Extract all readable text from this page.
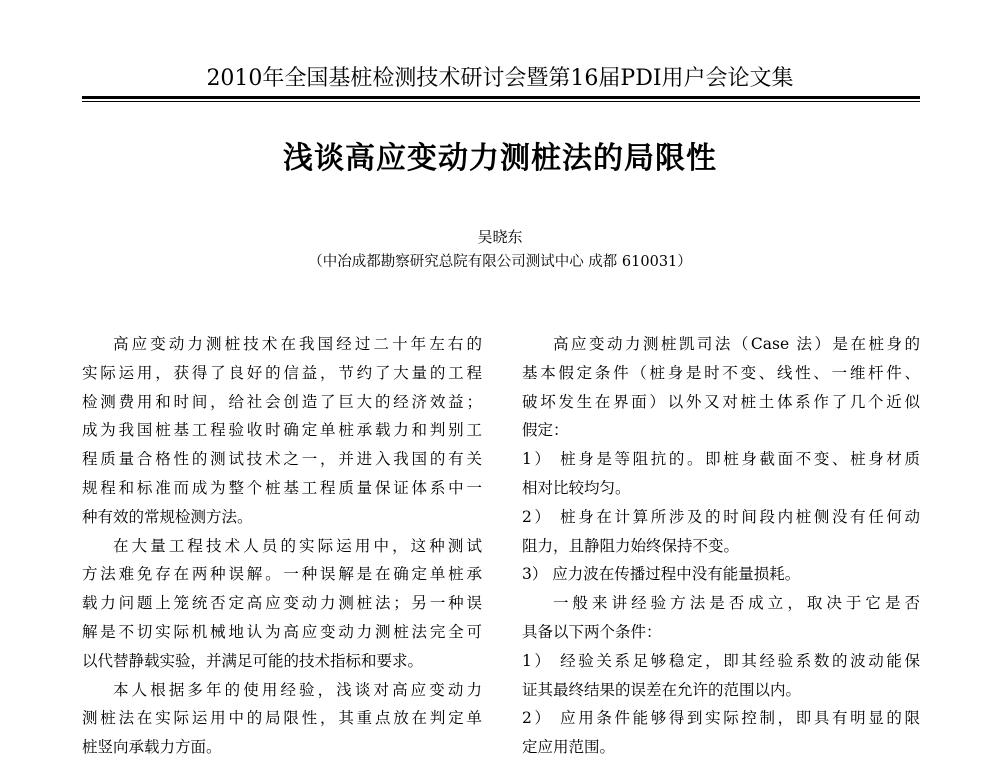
2010年全国基桩检测技术研讨会暨第16届PDI用户会论文集
浅谈高应变动力测桩法的局限性
吴晓东
（中冶成都勘察研究总院有限公司测试中心 成都 610031）

高应变动力测桩技术在我国经过二十年左右的
实际运用，获得了良好的信益，节约了大量的工程
检测费用和时间，给社会创造了巨大的经济效益；
成为我国桩基工程验收时确定单桩承载力和判别工
程质量合格性的测试技术之一，并进入我国的有关
规程和标准而成为整个桩基工程质量保证体系中一
种有效的常规检测方法。

在大量工程技术人员的实际运用中，这种测试
方法难免存在两种误解。一种误解是在确定单桩承
载力问题上笼统否定高应变动力测桩法；另一种误
解是不切实际机械地认为高应变动力测桩法完全可
以代替静载实验，并满足可能的技术指标和要求。

本人根据多年的使用经验，浅谈对高应变动力
测桩法在实际运用中的局限性，其重点放在判定单
桩竖向承载力方面。

高应变动力测桩凯司法（Case 法）是在桩身的
基本假定条件（桩身是时不变、线性、一维杆件、
破坏发生在界面）以外又对桩土体系作了几个近似
假定：

1） 桩身是等阻抗的。即桩身截面不变、桩身材质
相对比较均匀。

2） 桩身在计算所涉及的时间段内桩侧没有任何动
阻力，且静阻力始终保持不变。

3） 应力波在传播过程中没有能量损耗。

一般来讲经验方法是否成立，取决于它是否
具备以下两个条件：

1） 经验关系足够稳定，即其经验系数的波动能保
证其最终结果的误差在允许的范围以内。

2） 应用条件能够得到实际控制，即具有明显的限
定应用范围。
